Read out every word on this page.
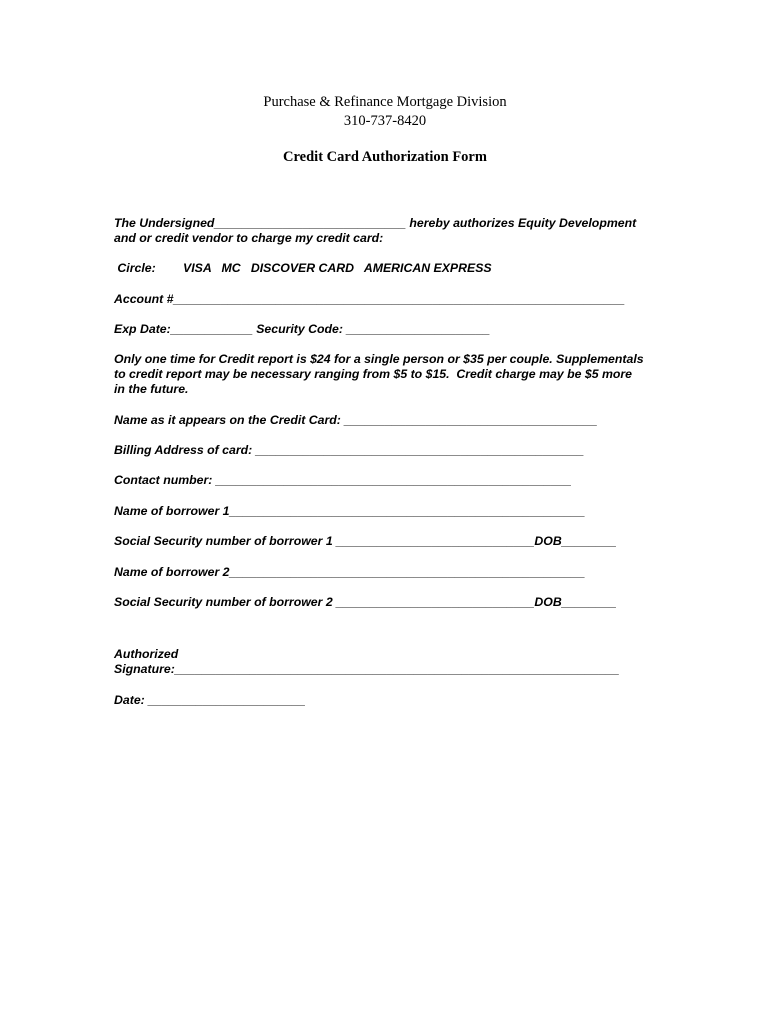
Purchase & Refinance Mortgage Division
310-737-8420
Credit Card Authorization Form
The Undersigned____________________________ hereby authorizes Equity Development
and or credit vendor to charge my credit card:
Circle:        VISA   MC   DISCOVER CARD   AMERICAN EXPRESS
Account #__________________________________________________________________
Exp Date:____________ Security Code: _____________________
Only one time for Credit report is $24 for a single person or $35 per couple. Supplementals
to credit report may be necessary ranging from $5 to $15.  Credit charge may be $5 more
in the future.
Name as it appears on the Credit Card: _____________________________________
Billing Address of card: ________________________________________________
Contact number: ____________________________________________________
Name of borrower 1____________________________________________________
Social Security number of borrower 1 _____________________________DOB________
Name of borrower 2____________________________________________________
Social Security number of borrower 2 _____________________________DOB________
Authorized
Signature:_________________________________________________________________
Date: _______________________
